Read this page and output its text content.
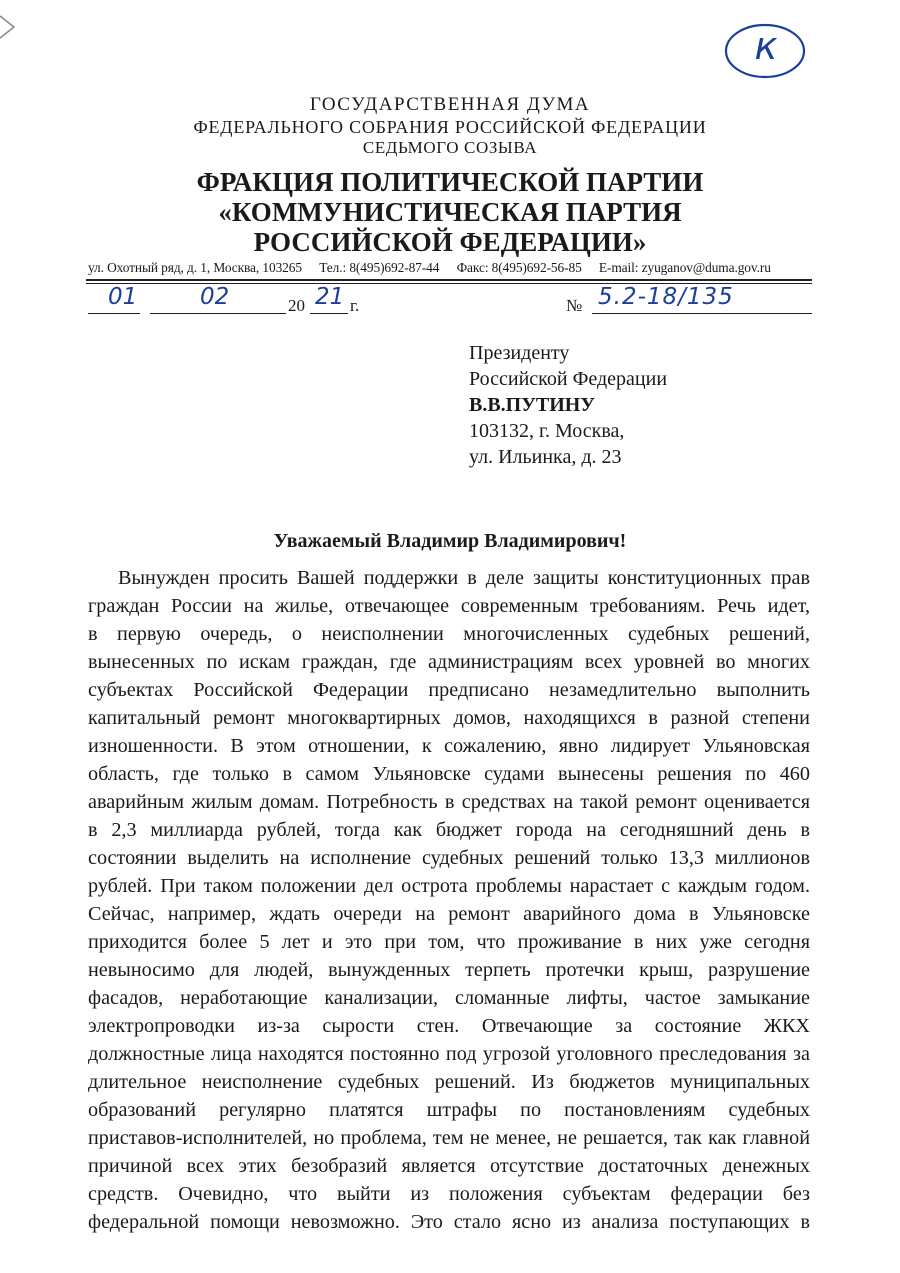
к
ГОСУДАРСТВЕННАЯ ДУМА
ФЕДЕРАЛЬНОГО СОБРАНИЯ РОССИЙСКОЙ ФЕДЕРАЦИИ
СЕДЬМОГО СОЗЫВА
ФРАКЦИЯ ПОЛИТИЧЕСКОЙ ПАРТИИ
«КОММУНИСТИЧЕСКАЯ ПАРТИЯ
РОССИЙСКОЙ ФЕДЕРАЦИИ»
ул. Охотный ряд, д. 1, Москва, 103265 Тел.: 8(495)692-87-44 Факс: 8(495)692-56-85 E-mail: zyuganov@duma.gov.ru
01	02	20 21 г.	№ 5.2-18/135
Президенту
Российской Федерации
В.В.ПУТИНУ
103132, г. Москва,
ул. Ильинка, д. 23
Уважаемый Владимир Владимирович!
Вынужден просить Вашей поддержки в деле защиты конституционных прав
граждан России на жилье, отвечающее современным требованиям. Речь идет,
в первую очередь, о неисполнении многочисленных судебных решений,
вынесенных по искам граждан, где администрациям всех уровней во многих
субъектах Российской Федерации предписано незамедлительно выполнить
капитальный ремонт многоквартирных домов, находящихся в разной степени
изношенности. В этом отношении, к сожалению, явно лидирует Ульяновская
область, где только в самом Ульяновске судами вынесены решения по 460
аварийным жилым домам. Потребность в средствах на такой ремонт оценивается
в 2,3 миллиарда рублей, тогда как бюджет города на сегодняшний день в
состоянии выделить на исполнение судебных решений только 13,3 миллионов
рублей. При таком положении дел острота проблемы нарастает с каждым годом.
Сейчас, например, ждать очереди на ремонт аварийного дома в Ульяновске
приходится более 5 лет и это при том, что проживание в них уже сегодня
невыносимо для людей, вынужденных терпеть протечки крыш, разрушение
фасадов, неработающие канализации, сломанные лифты, частое замыкание
электропроводки из-за сырости стен. Отвечающие за состояние ЖКХ
должностные лица находятся постоянно под угрозой уголовного преследования за
длительное неисполнение судебных решений. Из бюджетов муниципальных
образований регулярно платятся штрафы по постановлениям судебных
приставов-исполнителей, но проблема, тем не менее, не решается, так как главной
причиной всех этих безобразий является отсутствие достаточных денежных
средств. Очевидно, что выйти из положения субъектам федерации без
федеральной помощи невозможно. Это стало ясно из анализа поступающих в
